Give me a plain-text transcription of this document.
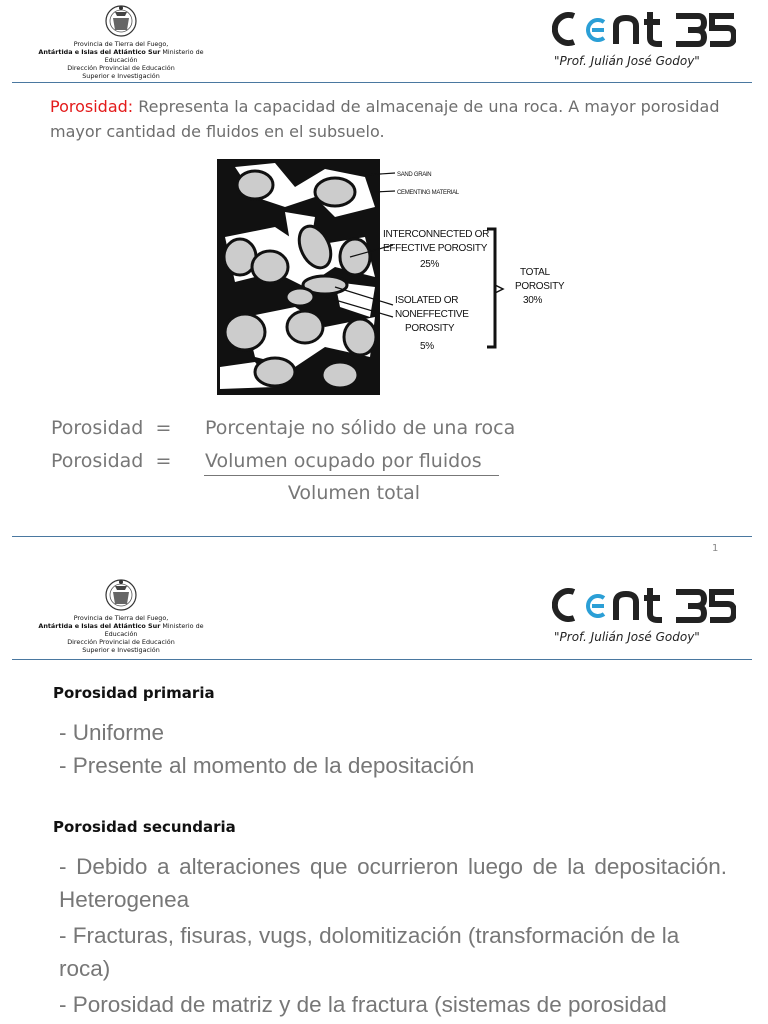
Provincia de Tierra del Fuego,
Antártida e Islas del Atlántico Sur Ministerio de Educación
Dirección Provincial de Educación
Superior e Investigación
"Prof. Julián José Godoy"
Porosidad: Representa la capacidad de almacenaje de una roca. A mayor porosidad mayor cantidad de fluidos en el subsuelo.
SAND GRAIN
CEMENTING MATERIAL
INTERCONNECTED OR
EFFECTIVE POROSITY
25%
ISOLATED OR
NONEFFECTIVE
POROSITY
5%
TOTAL
POROSITY
30%
Porosidad  = Porcentaje no sólido de una roca
Porosidad  = Volumen ocupado por fluidos
Volumen total
1
Provincia de Tierra del Fuego,
Antártida e Islas del Atlántico Sur Ministerio de Educación
Dirección Provincial de Educación
Superior e Investigación
"Prof. Julián José Godoy"
Porosidad primaria
- Uniforme
- Presente al momento de la depositación
Porosidad secundaria
- Debido a alteraciones que ocurrieron luego de la depositación. Heterogenea
- Fracturas, fisuras, vugs, dolomitización (transformación de la roca)
- Porosidad de matriz y de la fractura (sistemas de porosidad
